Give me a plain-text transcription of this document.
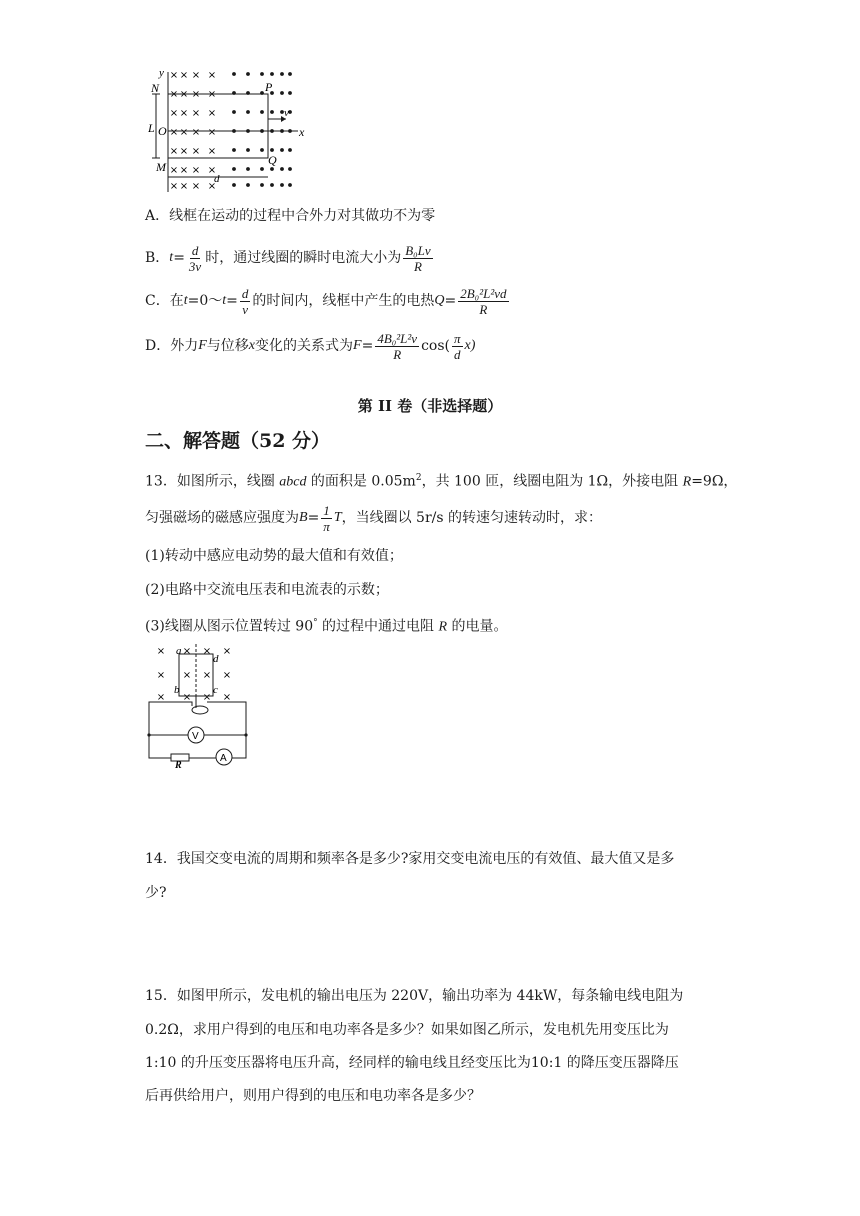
× × × ×
× × × ×
× × × ×
× × × ×
× × × ×
× × × ×
× × × ×
y
N	P
v
L O	x
M	Q
d
A．线框在运动的过程中合外力对其做功不为零
B． $t = \frac{d}{3v}$ 时，通过线圈的瞬时电流大小为 $\frac{\text{B₀Lv}}{R}$
C．在 t =0～ $t = \frac{d}{v}$ 的时间内，线框中产生的电热 $Q = \frac{\text{2B₀²L²vd}}{R}$
D．外力 F 与位移 x 变化的关系式为 $F = \frac{\text{4B₀²L²v}}{R} \cos( \frac{\pi}{d} x)$
第 II 卷（非选择题）
二、解答题（52 分）
13．如图所示，线圈 abcd 的面积是 $0.05m^2$，共 100 匝，线圈电阻为 1Ω，外接电阻 R=9Ω，
匀强磁场的磁感应强度为 $B = \frac{1}{\pi}$ T ，当线圈以 5r/s 的转速匀速转动时，求：
(1)转动中感应电动势的最大值和有效值；
(2)电路中交流电压表和电流表的示数；
(3)线圈从图示位置转过 90° 的过程中通过电阻 R 的电量。
× × × ×
× × × ×
× × × ×
a
d
b	c
V
A
R
14．我国交变电流的周期和频率各是多少?家用交变电流电压的有效值、最大值又是多
少?
15．如图甲所示，发电机的输出电压为 220V，输出功率为 44kW，每条输电线电阻为
0.2Ω，求用户得到的电压和电功率各是多少？如果如图乙所示，发电机先用变压比为
1:10 的升压变压器将电压升高，经同样的输电线且经变压比为10:1 的降压变压器降压
后再供给用户，则用户得到的电压和电功率各是多少？
